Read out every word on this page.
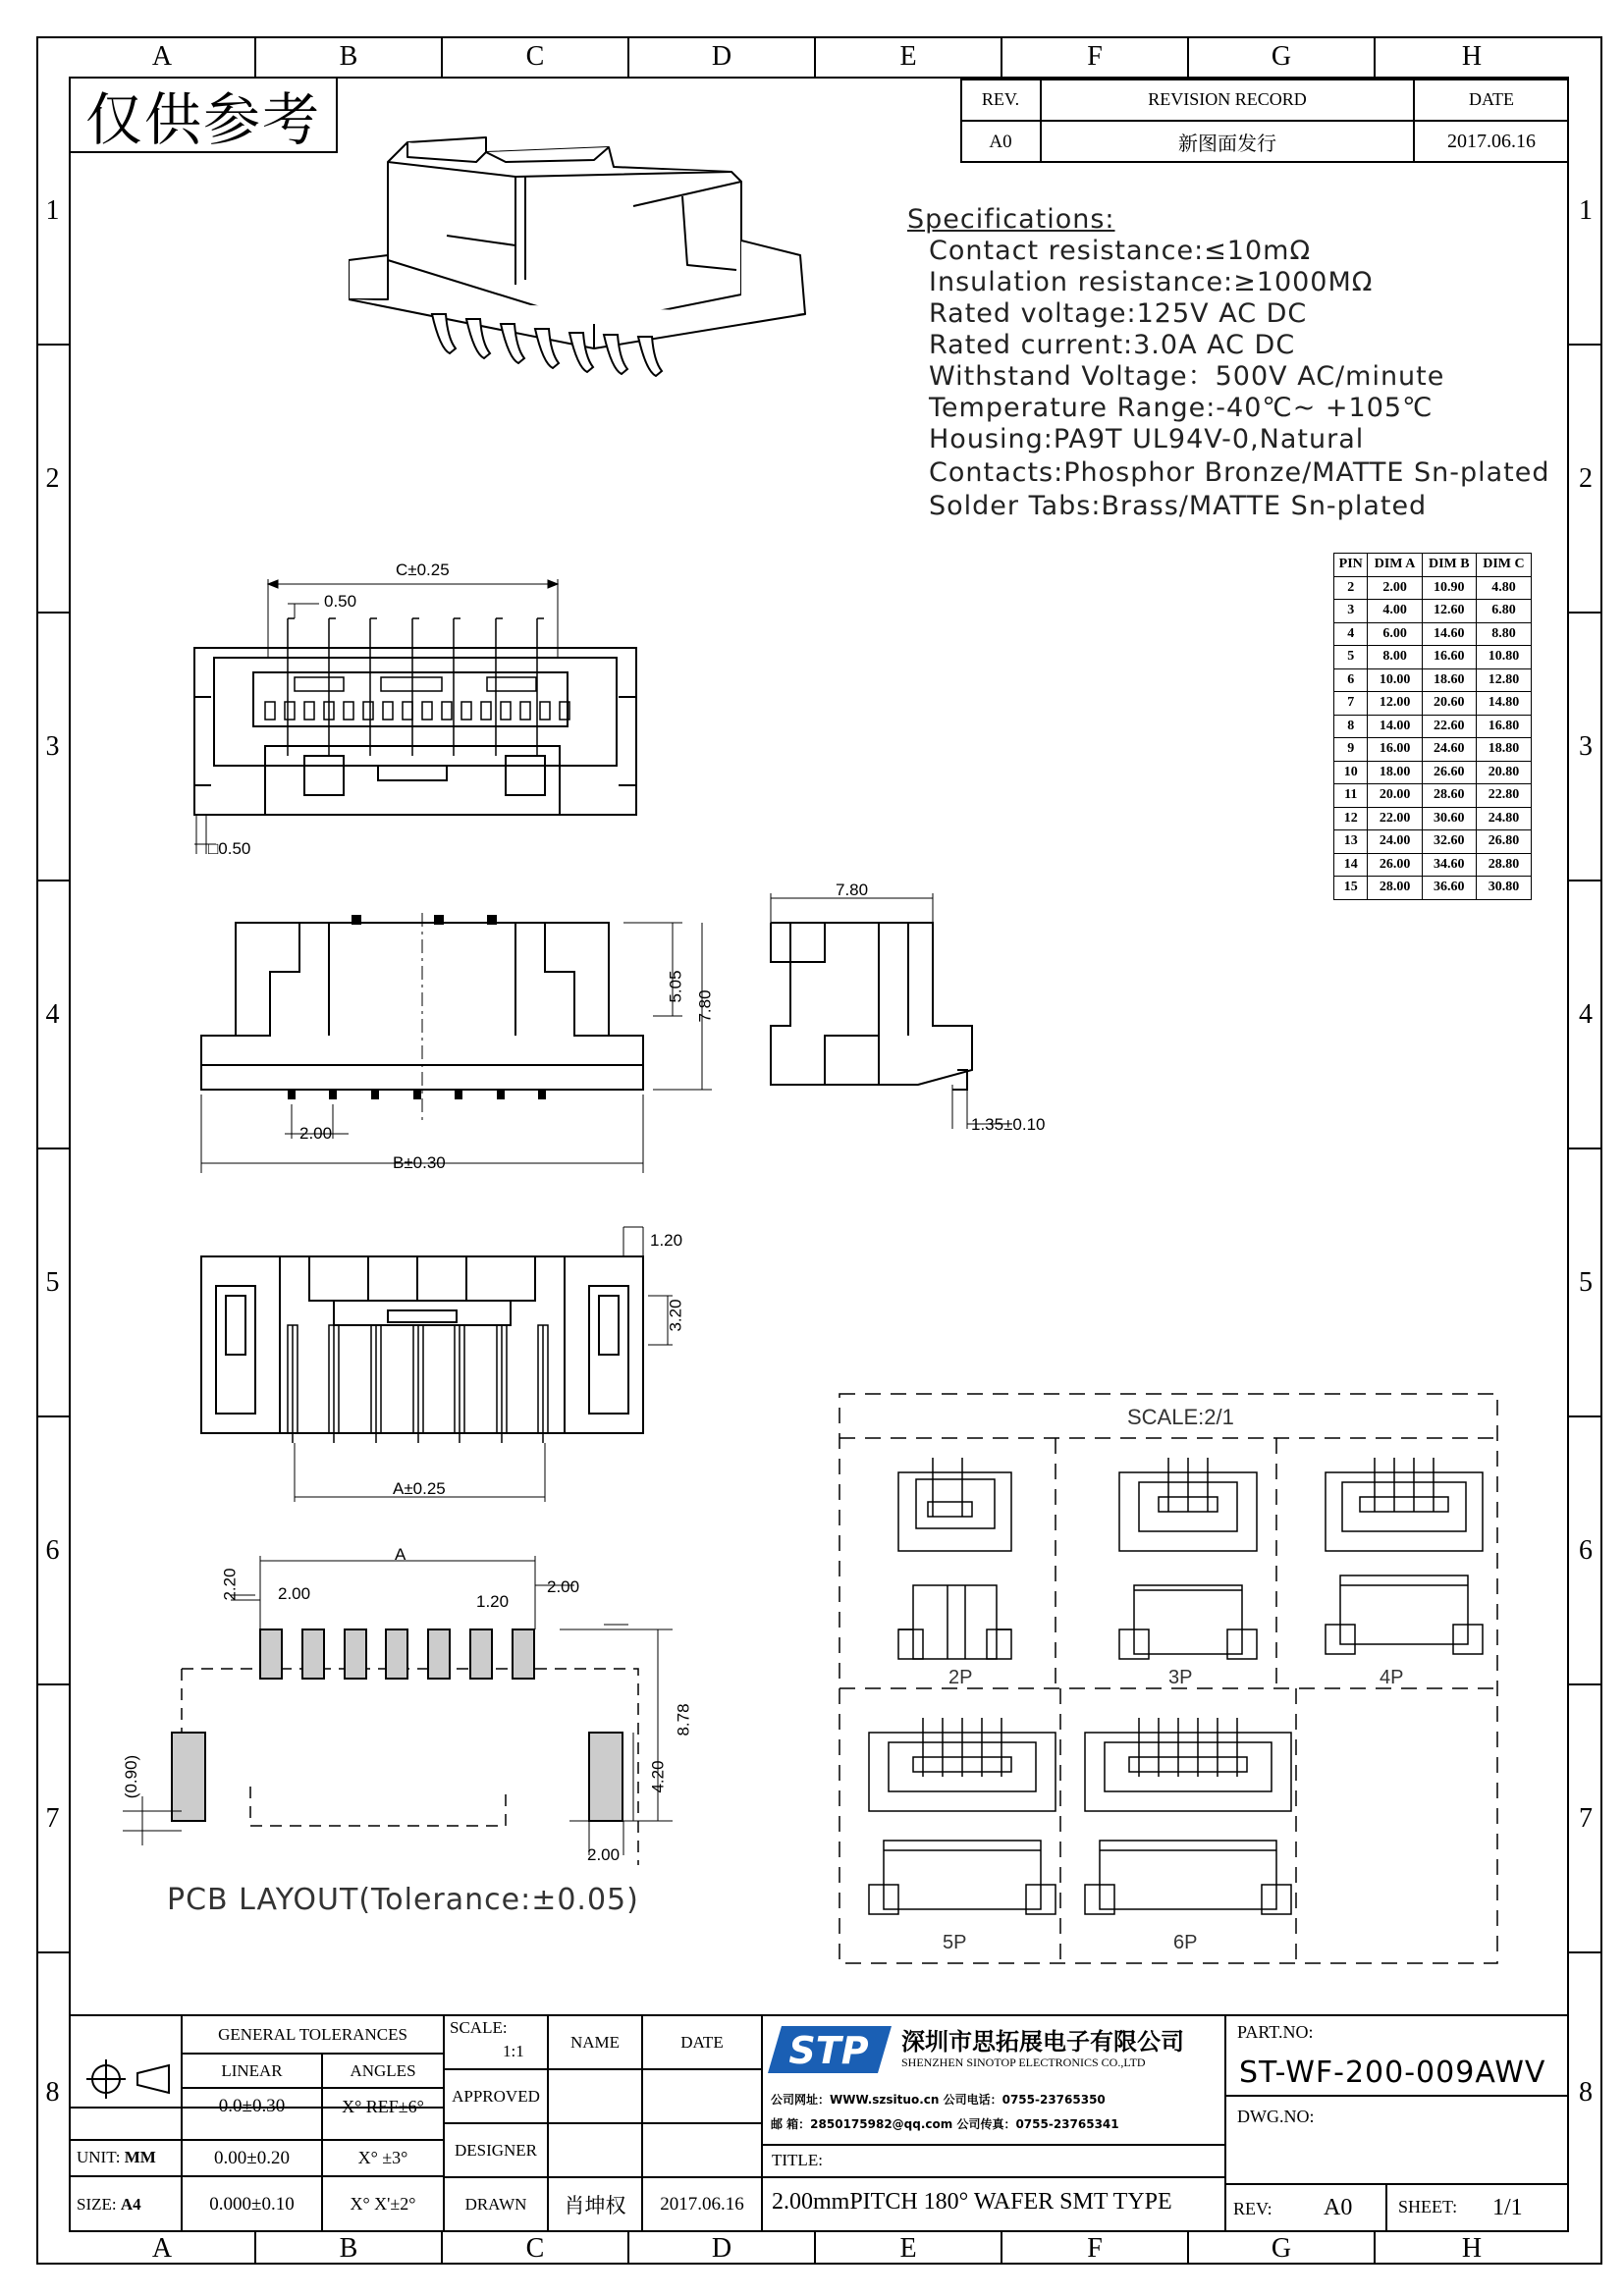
A	B	C	D	E	F	G	H
A	B	C	D	E	F	G	H
1
2
3
4
5
6
7
8
1
2
3
4
5
6
7
8
仅供参考	REV.	REVISION RECORD	DATE
A0	新图面发行	2017.06.16
Specifications:
Contact resistance:≤10mΩ
Insulation resistance:≥1000MΩ
Rated voltage:125V AC DC
Rated current:3.0A AC DC
Withstand Voltage：500V AC/minute
Temperature Range:-40℃~ +105℃
Housing:PA9T UL94V-0,Natural
Contacts:Phosphor Bronze/MATTE Sn-plated
Solder Tabs:Brass/MATTE Sn-plated
PIN	DIM A	DIM B	DIM C
2	2.00	10.90	4.80
3	4.00	12.60	6.80
4	6.00	14.60	8.80
5	8.00	16.60	10.80
6	10.00	18.60	12.80
7	12.00	20.60	14.80
8	14.00	22.60	16.80
9	16.00	24.60	18.80
10	18.00	26.60	20.80
11	20.00	28.60	22.80
12	22.00	30.60	24.80
13	24.00	32.60	26.80
14	26.00	34.60	28.80
15	28.00	36.60	30.80
C±0.25
0.50
□0.50
5.05
7.80
2.00
B±0.30
7.80
1.35±0.10
1.20
3.20
A±0.25
2.20
A
2.00	1.20
2.00
8.78
4.20
(0.90)
2.00
PCB LAYOUT(Tolerance:±0.05)
SCALE:2/1
2P	3P	4P
5P	6P
GENERAL TOLERANCES
LINEAR	ANGLES
0.0±0.30	X° REF±6°
0.00±0.20	X° ±3°
0.000±0.10	X° X'±2°
UNIT: MM
SIZE: A4
SCALE:
1:1	NAME	DATE
APPROVED
DESIGNER
DRAWN	肖坤权	2017.06.16
STP 深圳市思拓展电子有限公司
SHENZHEN SINOTOP ELECTRONICS CO.,LTD
公司网址：WWW.szsituo.cn 公司电话：0755-23765350
邮 箱：2850175982@qq.com 公司传真：0755-23765341
TITLE:
2.00mmPITCH 180° WAFER SMT TYPE
PART.NO:
ST-WF-200-009AWV
DWG.NO:
REV: A0	SHEET: 1/1
